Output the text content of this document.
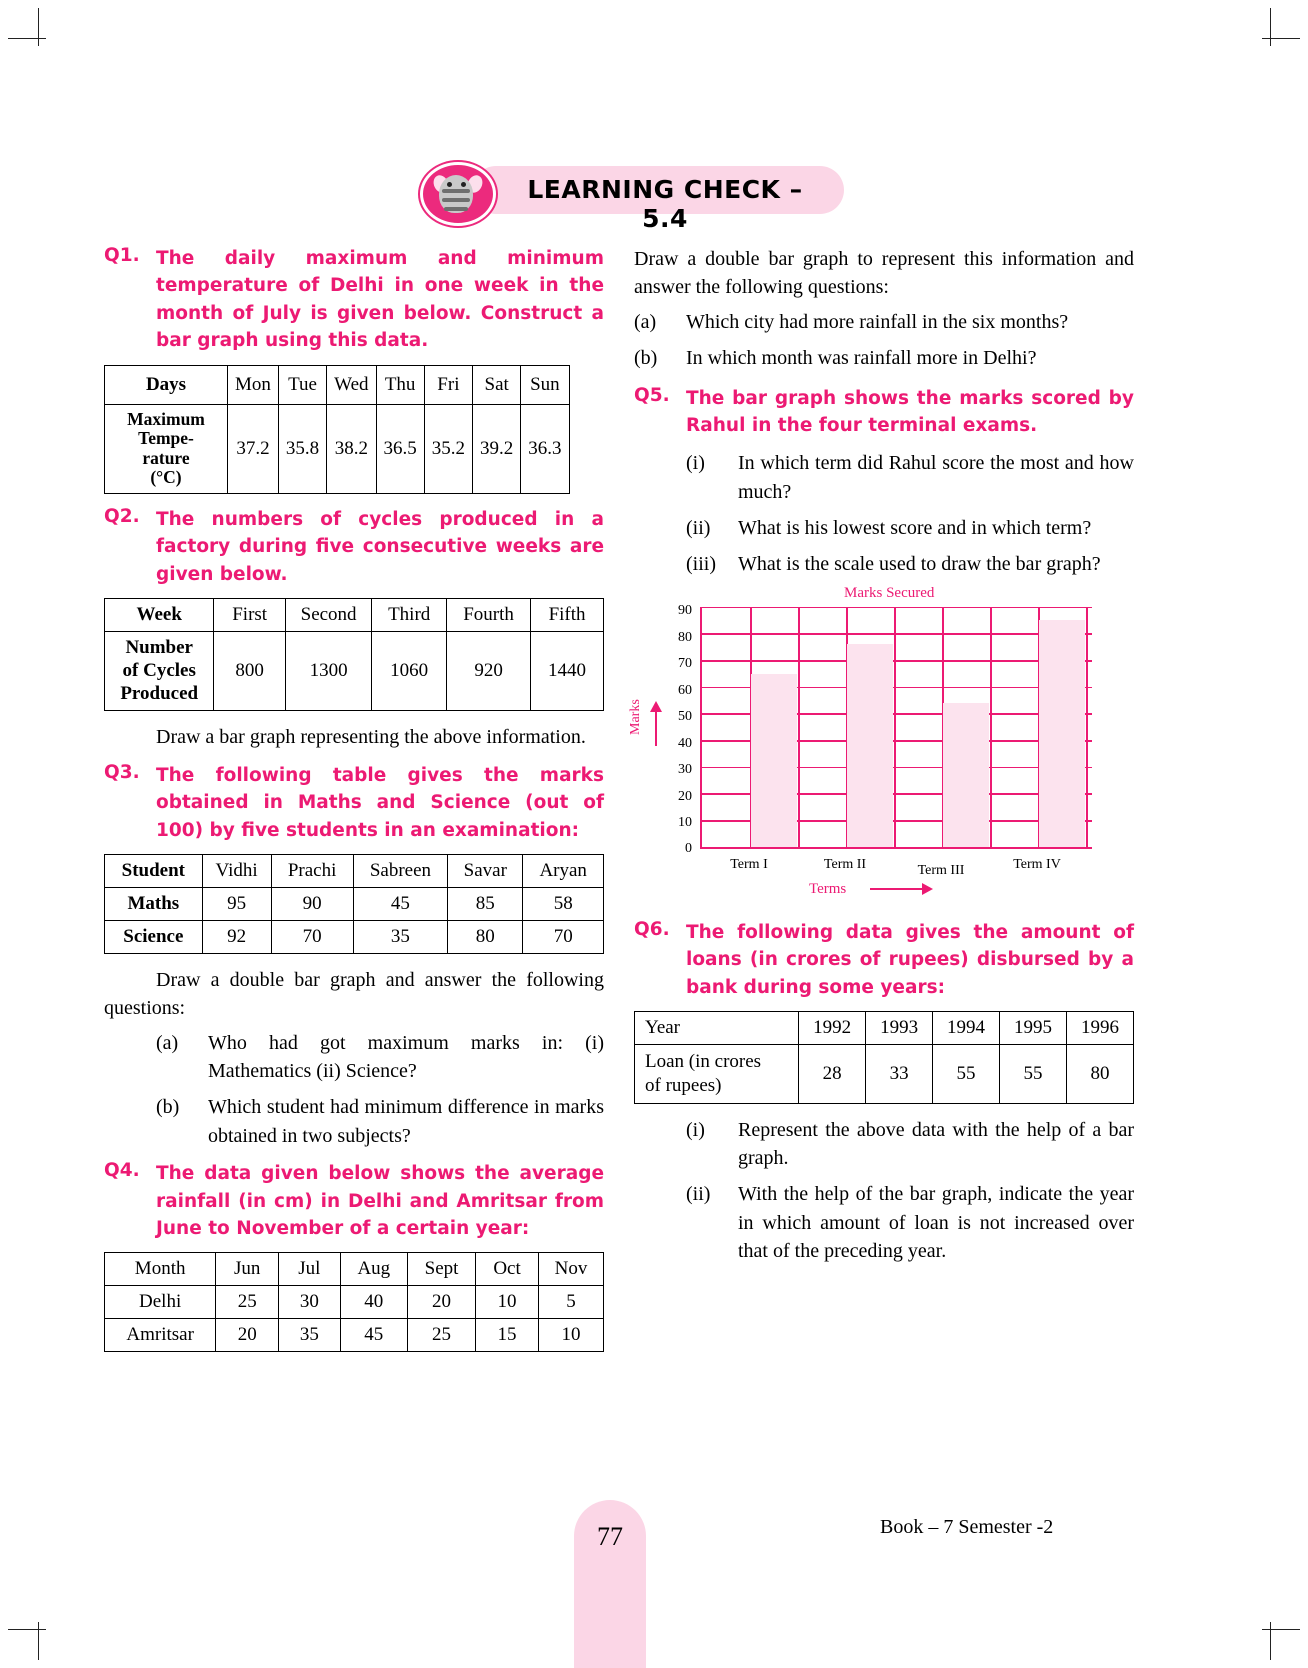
LEARNING CHECK – 5.4
Q1. The daily maximum and minimum temperature of Delhi in one week in the month of July is given below. Construct a bar graph using this data.
Days	Mon	Tue	Wed	Thu	Fri	Sat	Sun

Maximum
Tempe-
rature
(°C)	37.2	35.8	38.2	36.5	35.2	39.2	36.3
Q2. The numbers of cycles produced in a factory during five consecutive weeks are given below.
Week	First	Second	Third	Fourth	Fifth

Number
of Cycles
Produced	800	1300	1060	920	1440
Draw a bar graph representing the above information.
Q3. The following table gives the marks obtained in Maths and Science (out of 100) by five students in an examination:
Student	Vidhi	Prachi	Sabreen	Savar	Aryan
Maths	95	90	45	85	58
Science	92	70	35	80	70
Draw a double bar graph and answer the following questions:
(a)	Who had got maximum marks in: (i) Mathematics (ii) Science?
(b)	Which student had minimum difference in marks obtained in two subjects?
Q4. The data given below shows the average rainfall (in cm) in Delhi and Amritsar from June to November of a certain year:
Month	Jun	Jul	Aug	Sept	Oct	Nov
Delhi	25	30	40	20	10	5
Amritsar	20	35	45	25	15	10
Draw a double bar graph to represent this information and answer the following questions:
(a)	Which city had more rainfall in the six months?
(b)	In which month was rainfall more in Delhi?
Q5. The bar graph shows the marks scored by Rahul in the four terminal exams.
(i)	In which term did Rahul score the most and how much?
(ii)	What is his lowest score and in which term?
(iii)	What is the scale used to draw the bar graph?
Marks Secured
Marks
0
10
20
30
40
50
60
70
80
90
Term I	Term II	Term III	Term IV
Terms
Q6. The following data gives the amount of loans (in crores of rupees) disbursed by a bank during some years:
Year	1992	1993	1994	1995	1996

Loan (in crores
of rupees)	28	33	55	55	80
(i)	Represent the above data with the help of a bar graph.
(ii)	With the help of the bar graph, indicate the year in which amount of loan is not increased over that of the preceding year.
77	Book – 7 Semester -2
